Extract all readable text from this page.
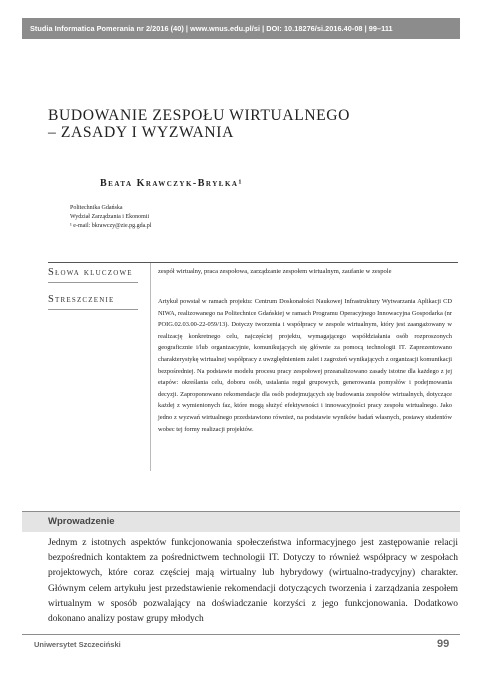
Studia Informatica Pomerania nr 2/2016 (40) | www.wnus.edu.pl/si | DOI: 10.18276/si.2016.40-08 | 99–111
BUDOWANIE ZESPOŁU WIRTUALNEGO
– ZASADY I WYZWANIA
Beata Krawczyk-Bryłka¹
Politechnika Gdańska
Wydział Zarządzania i Ekonomii
¹ e-mail: bkrawczy@zie.pg.gda.pl
Słowa kluczowe	zespół wirtualny, praca zespołowa, zarządzanie zespołem wirtualnym, zaufanie w zespole
Streszczenie	Artykuł powstał w ramach projektu: Centrum Doskonałości Naukowej Infrastruktury Wytwarzania Aplikacji CD NIWA, realizowanego na Politechnice Gdańskiej w ramach Programu Operacyjnego Innowacyjna Gospodarka (nr POIG.02.03.00-22-059/13). Dotyczy tworzenia i współpracy w zespole wirtualnym, który jest zaangażowany w realizację konkretnego celu, najczęściej projektu, wymagającego współdziałania osób rozproszonych geograficznie i/lub organizacyjnie, komunikujących się głównie za pomocą technologii IT. Zaprezentowano charakterystykę wirtualnej współpracy z uwzględnieniem zalet i zagrożeń wynikających z organizacji komunikacji bezpośredniej. Na podstawie modelu procesu pracy zespołowej przeanalizowano zasady istotne dla każdego z jej etapów: określania celu, doboru osób, ustalania reguł grupowych, generowania pomysłów i podejmowania decyzji. Zaproponowano rekomendacje dla osób podejmujących się budowania zespołów wirtualnych, dotyczące każdej z wymienionych faz, które mogą służyć efektywności i innowacyjności pracy zespołu wirtualnego. Jako jedno z wyzwań wirtualnego przedstawiono również, na podstawie wyników badań własnych, postawy studentów wobec tej formy realizacji projektów.
Wprowadzenie
Jednym z istotnych aspektów funkcjonowania społeczeństwa informacyjnego jest zastępowanie relacji bezpośrednich kontaktem za pośrednictwem technologii IT. Dotyczy to również współpracy w zespołach projektowych, które coraz częściej mają wirtualny lub hybrydowy (wirtualno-tradycyjny) charakter. Głównym celem artykułu jest przedstawienie rekomendacji dotyczących tworzenia i zarządzania zespołem wirtualnym w sposób pozwalający na doświadczanie korzyści z jego funkcjonowania. Dodatkowo dokonano analizy postaw grupy młodych
Uniwersytet Szczeciński	99
